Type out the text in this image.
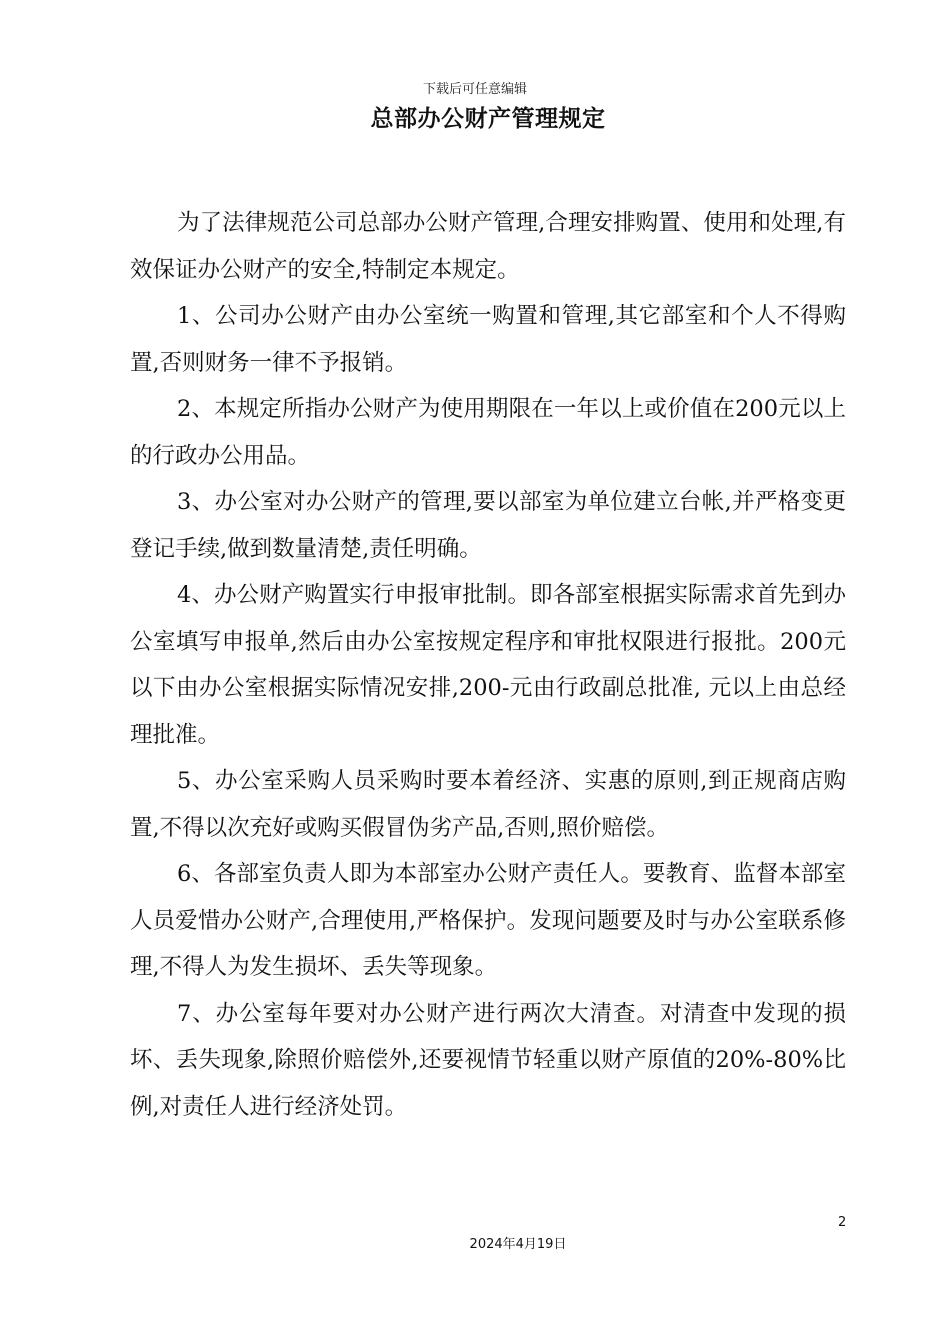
下载后可任意编辑
总部办公财产管理规定

为了法律规范公司总部办公财产管理,合理安排购置、使用和处理,有效保证办公财产的安全,特制定本规定。

1、公司办公财产由办公室统一购置和管理,其它部室和个人不得购置,否则财务一律不予报销。

2、本规定所指办公财产为使用期限在一年以上或价值在200元以上的行政办公用品。

3、办公室对办公财产的管理,要以部室为单位建立台帐,并严格变更登记手续,做到数量清楚,责任明确。

4、办公财产购置实行申报审批制。即各部室根据实际需求首先到办公室填写申报单,然后由办公室按规定程序和审批权限进行报批。200元以下由办公室根据实际情况安排,200-元由行政副总批准, 元以上由总经理批准。

5、办公室采购人员采购时要本着经济、实惠的原则,到正规商店购置,不得以次充好或购买假冒伪劣产品,否则,照价赔偿。

6、各部室负责人即为本部室办公财产责任人。要教育、监督本部室人员爱惜办公财产,合理使用,严格保护。发现问题要及时与办公室联系修理,不得人为发生损坏、丢失等现象。

7、办公室每年要对办公财产进行两次大清查。对清查中发现的损坏、丢失现象,除照价赔偿外,还要视情节轻重以财产原值的20%-80%比例,对责任人进行经济处罚。

2
2024年4月19日
